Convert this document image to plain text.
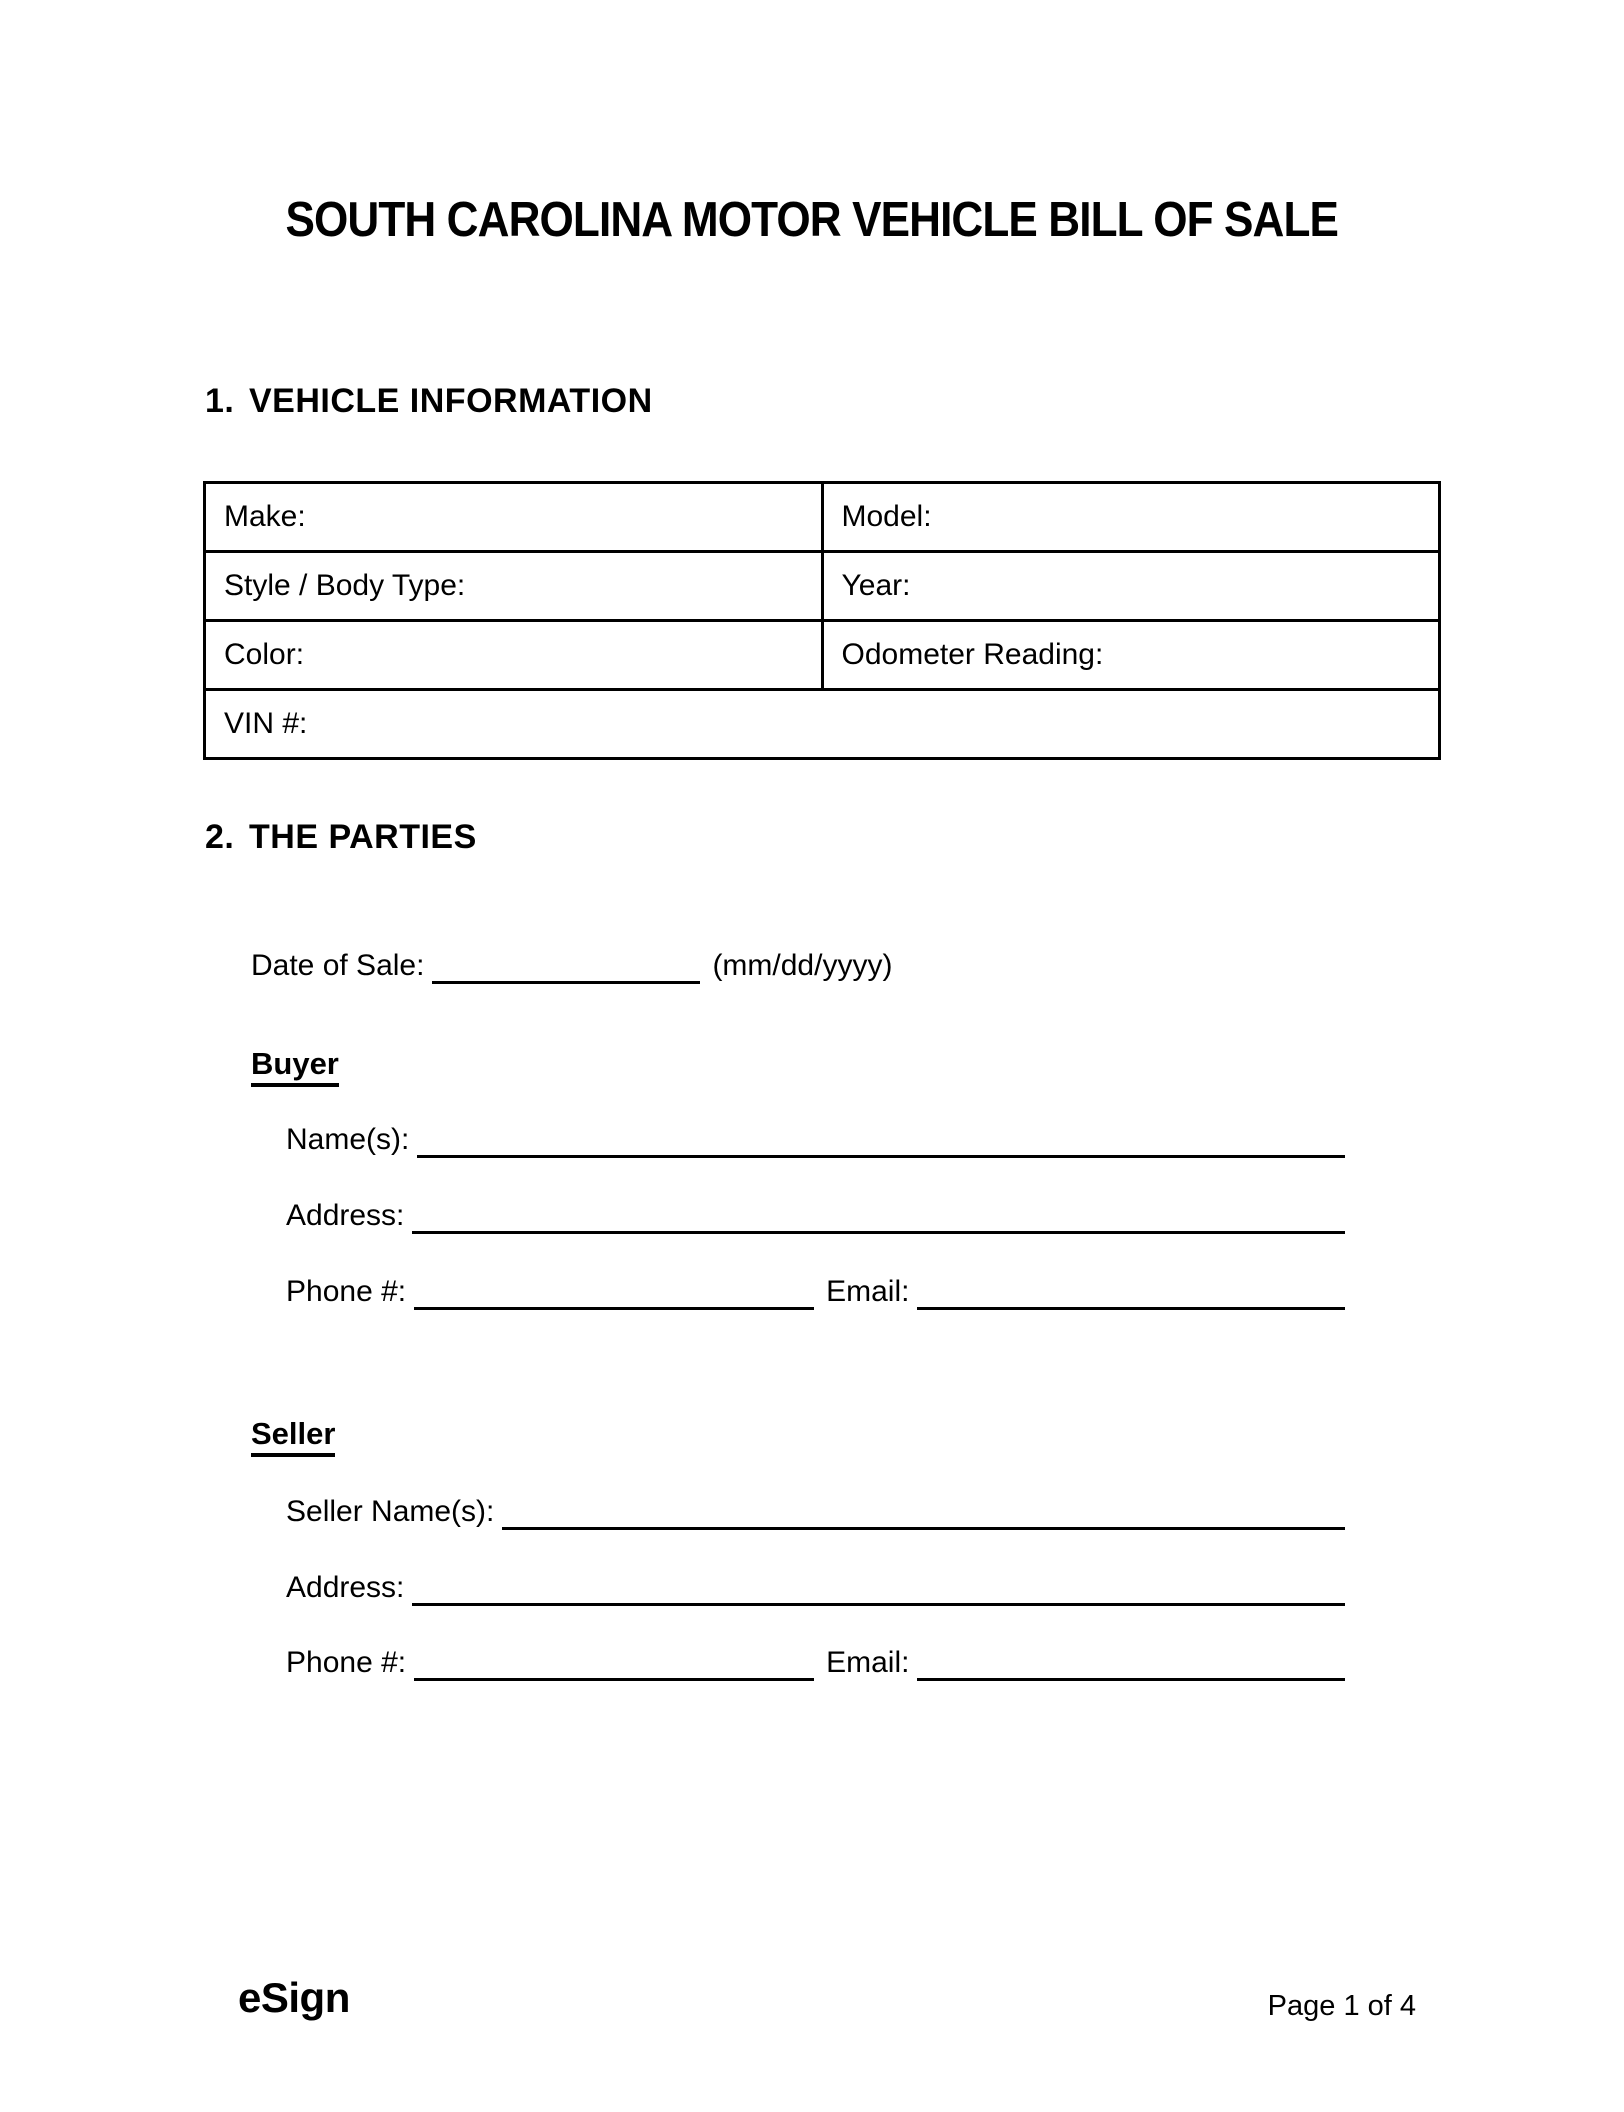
SOUTH CAROLINA MOTOR VEHICLE BILL OF SALE
1. VEHICLE INFORMATION
Make:	Model:
Style / Body Type:	Year:
Color:	Odometer Reading:
VIN #:	
2. THE PARTIES
Date of Sale:	(mm/dd/yyyy)
Buyer
Name(s):
Address:
Phone #:	Email:
Seller
Seller Name(s):
Address:
Phone #:	Email:
eSign	Page 1 of 4
